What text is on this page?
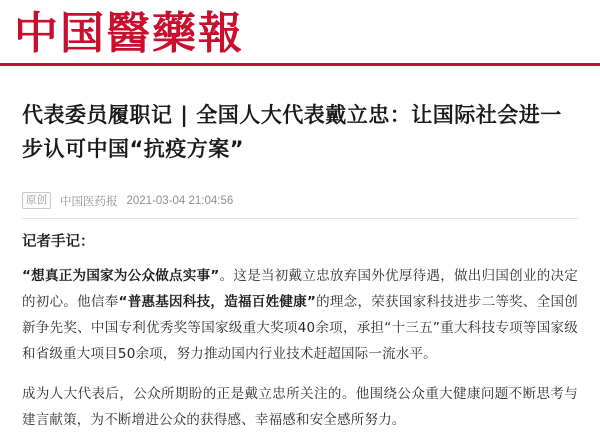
中国醫藥報
代表委员履职记 | 全国人大代表戴立忠：让国际社会进一步认可中国“抗疫方案”
原创	中国医药报 2021-03-04 21:04:56
记者手记：

“想真正为国家为公众做点实事”。这是当初戴立忠放弃国外优厚待遇，做出归国创业的决定的初心。他信奉“普惠基因科技，造福百姓健康”的理念，荣获国家科技进步二等奖、全国创新争先奖、中国专利优秀奖等国家级重大奖项40余项，承担“十三五”重大科技专项等国家级和省级重大项目50余项，努力推动国内行业技术赶超国际一流水平。

成为人大代表后，公众所期盼的正是戴立忠所关注的。他围绕公众重大健康问题不断思考与建言献策，为不断增进公众的获得感、幸福感和安全感所努力。
